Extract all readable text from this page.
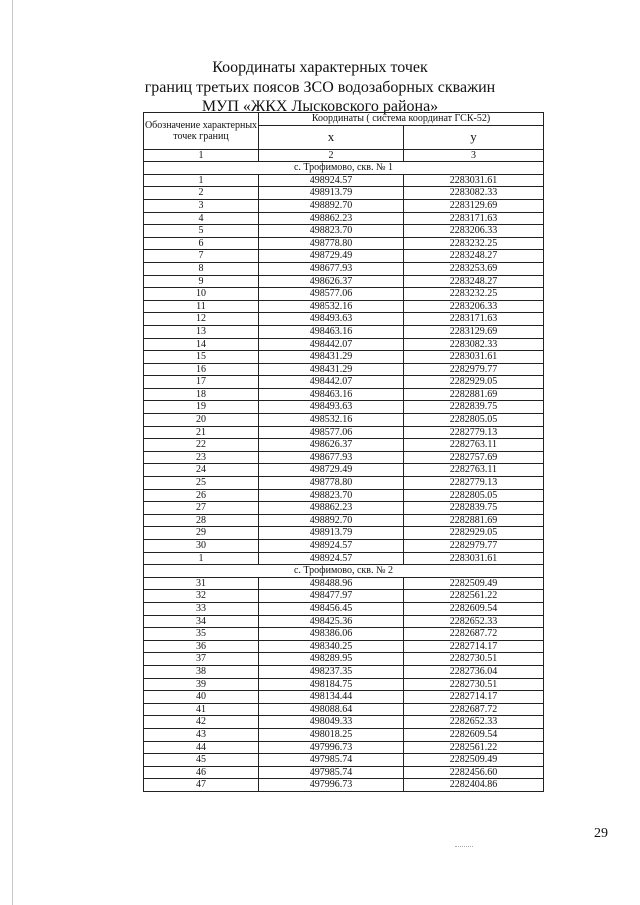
Координаты характерных точек
границ третьих поясов ЗСО водозаборных скважин
МУП «ЖКХ Лысковского района»
Обозначение характерных точек границ	Координаты ( система координат ГСК-52)	
	x	y
1	2	3
с. Трофимово, скв. № 1		
1	498924.57	2283031.61
2	498913.79	2283082.33
3	498892.70	2283129.69
4	498862.23	2283171.63
5	498823.70	2283206.33
6	498778.80	2283232.25
7	498729.49	2283248.27
8	498677.93	2283253.69
9	498626.37	2283248.27
10	498577.06	2283232.25
11	498532.16	2283206.33
12	498493.63	2283171.63
13	498463.16	2283129.69
14	498442.07	2283082.33
15	498431.29	2283031.61
16	498431.29	2282979.77
17	498442.07	2282929.05
18	498463.16	2282881.69
19	498493.63	2282839.75
20	498532.16	2282805.05
21	498577.06	2282779.13
22	498626.37	2282763.11
23	498677.93	2282757.69
24	498729.49	2282763.11
25	498778.80	2282779.13
26	498823.70	2282805.05
27	498862.23	2282839.75
28	498892.70	2282881.69
29	498913.79	2282929.05
30	498924.57	2282979.77
1	498924.57	2283031.61
с. Трофимово, скв. № 2		
31	498488.96	2282509.49
32	498477.97	2282561.22
33	498456.45	2282609.54
34	498425.36	2282652.33
35	498386.06	2282687.72
36	498340.25	2282714.17
37	498289.95	2282730.51
38	498237.35	2282736.04
39	498184.75	2282730.51
40	498134.44	2282714.17
41	498088.64	2282687.72
42	498049.33	2282652.33
43	498018.25	2282609.54
44	497996.73	2282561.22
45	497985.74	2282509.49
46	497985.74	2282456.60
47	497996.73	2282404.86
29
